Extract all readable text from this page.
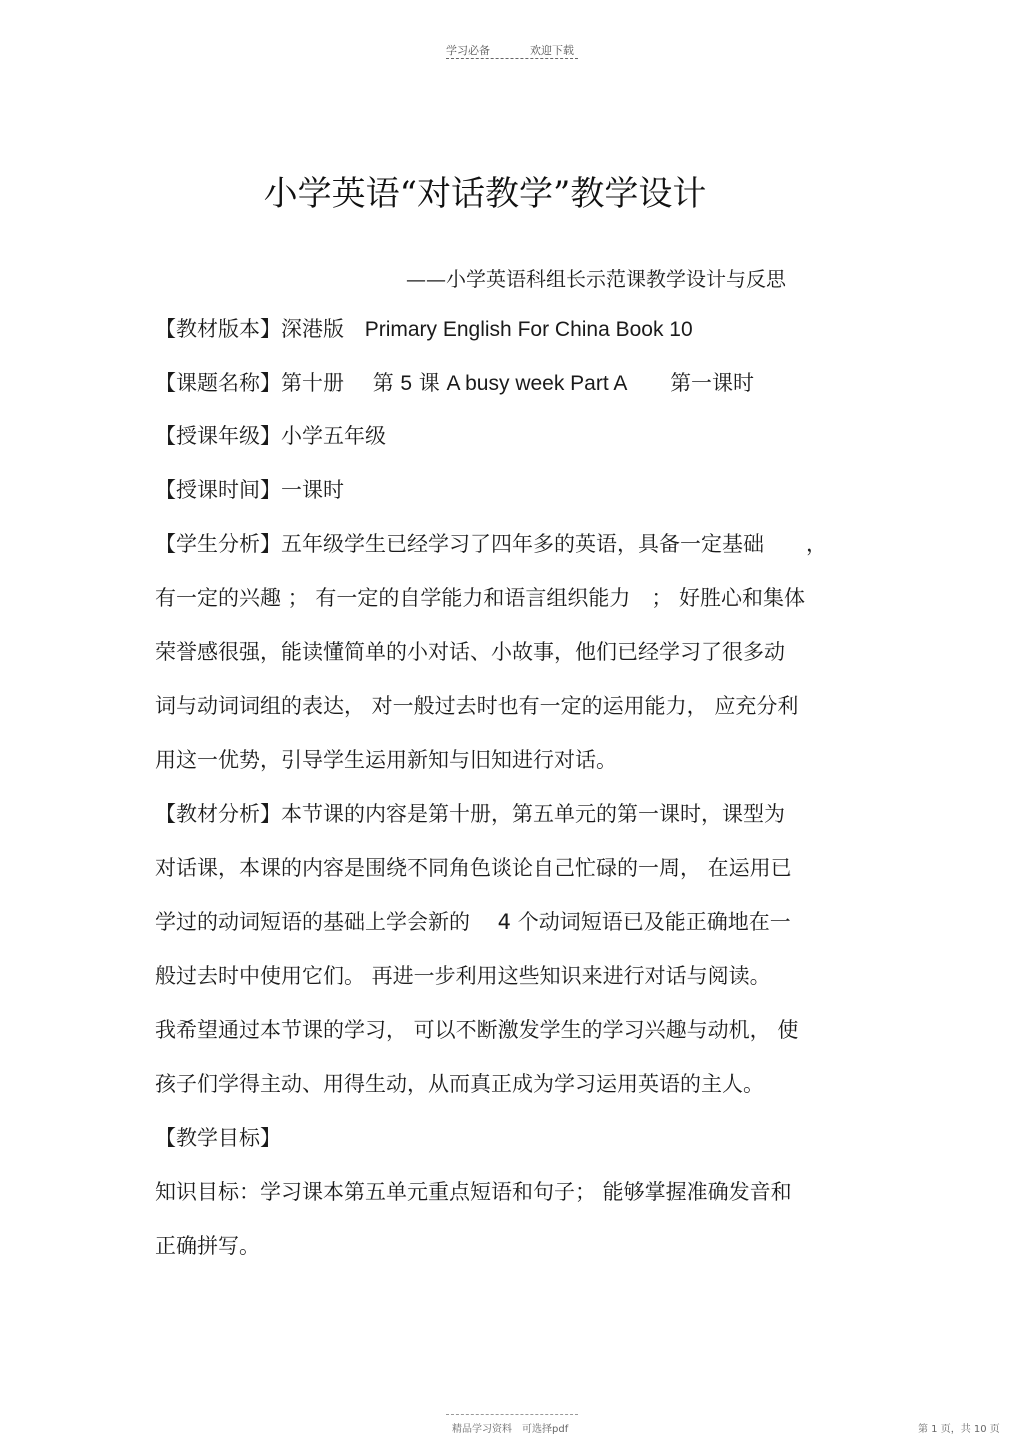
学习必备	欢迎下载
小学英语“对话教学”教学设计
——小学英语科组长示范课教学设计与反思
【教材版本】深港版 Primary English For China Book 10
【课题名称】第十册 第 5 课 A busy week Part A 第一课时
【授课年级】小学五年级
【授课时间】一课时
【学生分析】五年级学生已经学习了四年多的英语，具备一定基础　　，
有一定的兴趣 ； 有一定的自学能力和语言组织能力　； 好胜心和集体
荣誉感很强，能读懂简单的小对话、小故事，他们已经学习了很多动
词与动词词组的表达， 对一般过去时也有一定的运用能力， 应充分利
用这一优势，引导学生运用新知与旧知进行对话。
【教材分析】本节课的内容是第十册，第五单元的第一课时，课型为
对话课，本课的内容是围绕不同角色谈论自己忙碌的一周， 在运用已
学过的动词短语的基础上学会新的　 4 个动词短语已及能正确地在一
般过去时中使用它们。 再进一步利用这些知识来进行对话与阅读。
我希望通过本节课的学习， 可以不断激发学生的学习兴趣与动机， 使
孩子们学得主动、用得生动，从而真正成为学习运用英语的主人。
【教学目标】
知识目标：学习课本第五单元重点短语和句子； 能够掌握准确发音和
正确拼写。
精品学习资料 可选择pdf	第 1 页，共 10 页
